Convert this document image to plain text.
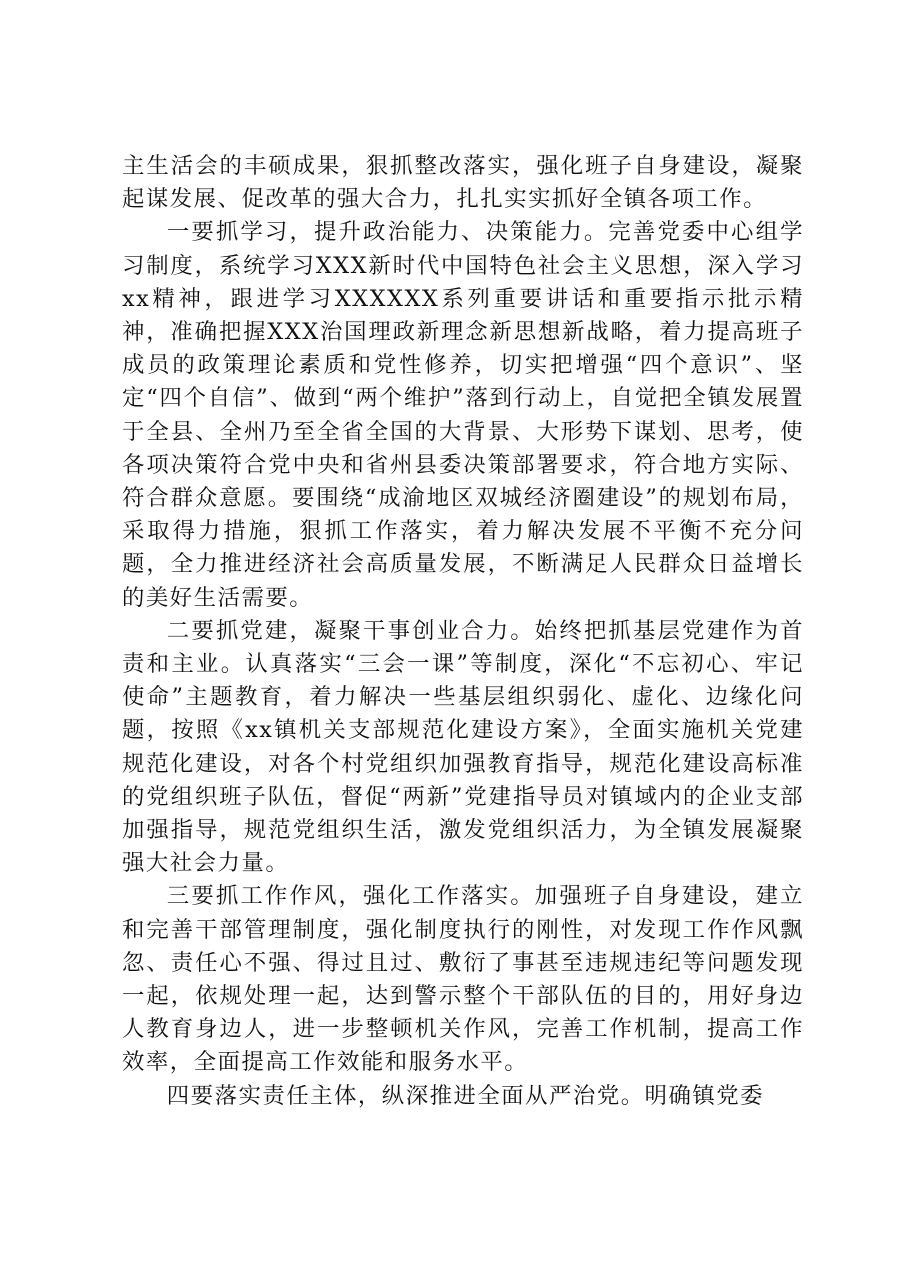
主生活会的丰硕成果，狠抓整改落实，强化班子自身建设，凝聚起谋发展、促改革的强大合力，扎扎实实抓好全镇各项工作。

一要抓学习，提升政治能力、决策能力。完善党委中心组学习制度，系统学习XXX新时代中国特色社会主义思想，深入学习xx精神，跟进学习XXXXXX系列重要讲话和重要指示批示精神，准确把握XXX治国理政新理念新思想新战略，着力提高班子成员的政策理论素质和党性修养，切实把增强“四个意识”、坚定“四个自信”、做到“两个维护”落到行动上，自觉把全镇发展置于全县、全州乃至全省全国的大背景、大形势下谋划、思考，使各项决策符合党中央和省州县委决策部署要求，符合地方实际、符合群众意愿。要围绕“成渝地区双城经济圈建设”的规划布局，采取得力措施，狠抓工作落实，着力解决发展不平衡不充分问题，全力推进经济社会高质量发展，不断满足人民群众日益增长的美好生活需要。

二要抓党建，凝聚干事创业合力。始终把抓基层党建作为首责和主业。认真落实“三会一课”等制度，深化“不忘初心、牢记使命”主题教育，着力解决一些基层组织弱化、虚化、边缘化问题，按照《xx镇机关支部规范化建设方案》，全面实施机关党建规范化建设，对各个村党组织加强教育指导，规范化建设高标准的党组织班子队伍，督促“两新”党建指导员对镇域内的企业支部加强指导，规范党组织生活，激发党组织活力，为全镇发展凝聚强大社会力量。

三要抓工作作风，强化工作落实。加强班子自身建设，建立和完善干部管理制度，强化制度执行的刚性，对发现工作作风飘忽、责任心不强、得过且过、敷衍了事甚至违规违纪等问题发现一起，依规处理一起，达到警示整个干部队伍的目的，用好身边人教育身边人，进一步整顿机关作风，完善工作机制，提高工作效率，全面提高工作效能和服务水平。

四要落实责任主体，纵深推进全面从严治党。明确镇党委
